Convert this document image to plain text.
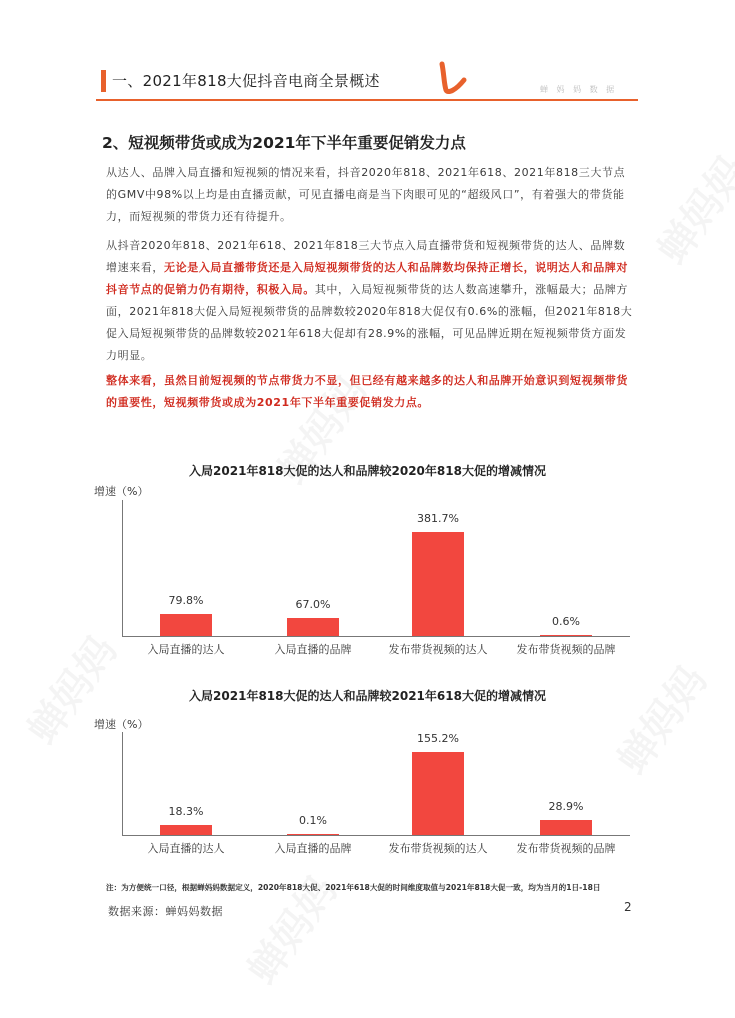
一、2021年818大促抖音电商全景概述	蝉 妈 妈 数 据
2、短视频带货或成为2021年下半年重要促销发力点
从达人、品牌入局直播和短视频的情况来看，抖音2020年818、2021年618、2021年818三大节点的GMV中98%以上均是由直播贡献，可见直播电商是当下肉眼可见的“超级风口”，有着强大的带货能力，而短视频的带货力还有待提升。
从抖音2020年818、2021年618、2021年818三大节点入局直播带货和短视频带货的达人、品牌数增速来看，无论是入局直播带货还是入局短视频带货的达人和品牌数均保持正增长，说明达人和品牌对抖音节点的促销力仍有期待，积极入局。其中，入局短视频带货的达人数高速攀升，涨幅最大；品牌方面，2021年818大促入局短视频带货的品牌数较2020年818大促仅有0.6%的涨幅，但2021年818大促入局短视频带货的品牌数较2021年618大促却有28.9%的涨幅，可见品牌近期在短视频带货方面发力明显。
整体来看，虽然目前短视频的节点带货力不显，但已经有越来越多的达人和品牌开始意识到短视频带货的重要性，短视频带货或成为2021年下半年重要促销发力点。
入局2021年818大促的达人和品牌较2020年818大促的增减情况
增速（%）
79.8%
入局直播的达人
67.0%
入局直播的品牌
381.7%
发布带货视频的达人
0.6%
发布带货视频的品牌
入局2021年818大促的达人和品牌较2021年618大促的增减情况
增速（%）
18.3%
入局直播的达人
0.1%
入局直播的品牌
155.2%
发布带货视频的达人
28.9%
发布带货视频的品牌
注：为方便统一口径，根据蝉妈妈数据定义，2020年818大促、2021年618大促的时间维度取值与2021年818大促一致，均为当月的1日-18日
数据来源：蝉妈妈数据	2
